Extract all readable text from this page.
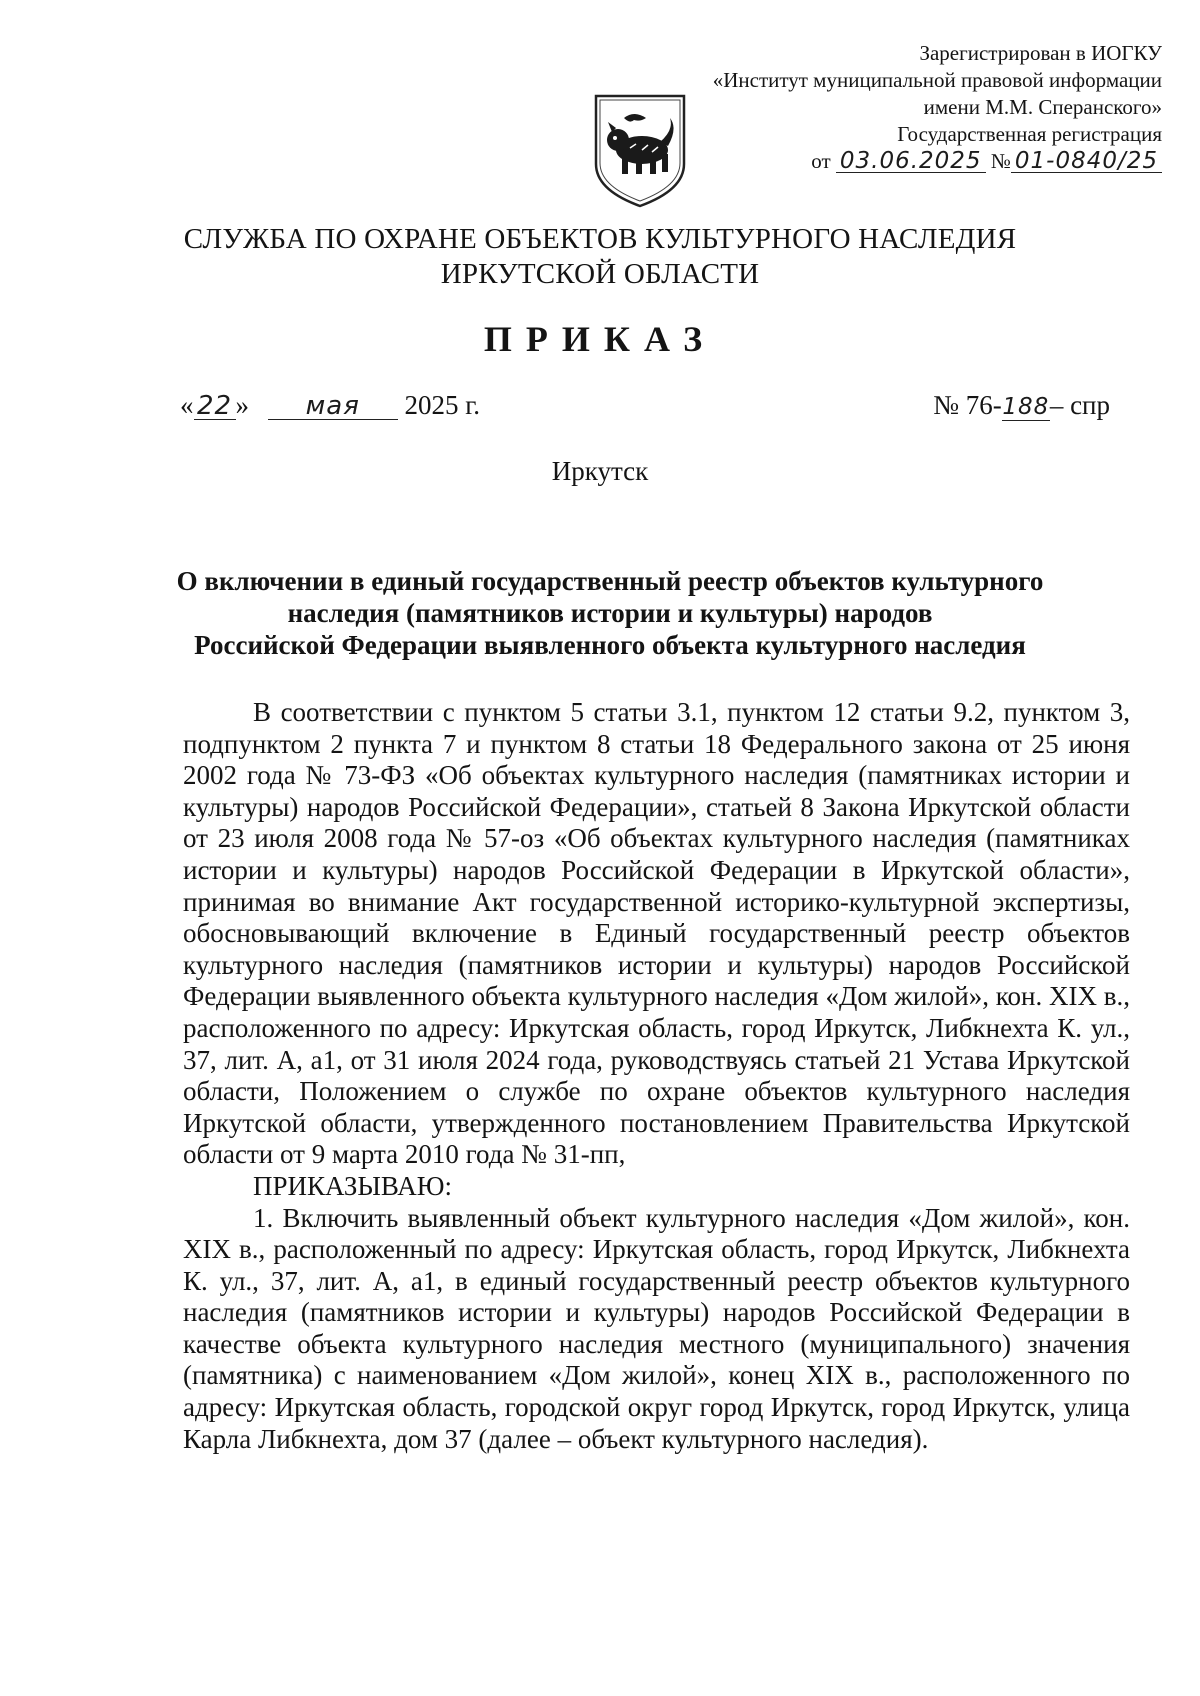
Зарегистрирован в ИОГКУ
«Институт муниципальной правовой информации
имени М.М. Сперанского»
Государственная регистрация
от 03.06.2025 № 01-0840/25
СЛУЖБА ПО ОХРАНЕ ОБЪЕКТОВ КУЛЬТУРНОГО НАСЛЕДИЯ
ИРКУТСКОЙ ОБЛАСТИ
ПРИКАЗ
« 22 » мая 2025 г.	№ 76-188– спр
Иркутск
О включении в единый государственный реестр объектов культурного
наследия (памятников истории и культуры) народов
Российской Федерации выявленного объекта культурного наследия

В соответствии с пунктом 5 статьи 3.1, пунктом 12 статьи 9.2, пунктом 3, подпунктом 2 пункта 7 и пунктом 8 статьи 18 Федерального закона от 25 июня 2002 года № 73-ФЗ «Об объектах культурного наследия (памятниках истории и культуры) народов Российской Федерации», статьей 8 Закона Иркутской области от 23 июля 2008 года № 57-оз «Об объектах культурного наследия (памятниках истории и культуры) народов Российской Федерации в Иркутской области», принимая во внимание Акт государственной историко-культурной экспертизы, обосновывающий включение в Единый государственный реестр объектов культурного наследия (памятников истории и культуры) народов Российской Федерации выявленного объекта культурного наследия «Дом жилой», кон. XIX в., расположенного по адресу: Иркутская область, город Иркутск, Либкнехта К. ул., 37, лит. А, а1, от 31 июля 2024 года, руководствуясь статьей 21 Устава Иркутской области, Положением о службе по охране объектов культурного наследия Иркутской области, утвержденного постановлением Правительства Иркутской области от 9 марта 2010 года № 31-пп,

ПРИКАЗЫВАЮ:

1. Включить выявленный объект культурного наследия «Дом жилой», кон. XIX в., расположенный по адресу: Иркутская область, город Иркутск, Либкнехта К. ул., 37, лит. А, а1, в единый государственный реестр объектов культурного наследия (памятников истории и культуры) народов Российской Федерации в качестве объекта культурного наследия местного (муниципального) значения (памятника) с наименованием «Дом жилой», конец XIX в., расположенного по адресу: Иркутская область, городской округ город Иркутск, город Иркутск, улица Карла Либкнехта, дом 37 (далее – объект культурного наследия).
